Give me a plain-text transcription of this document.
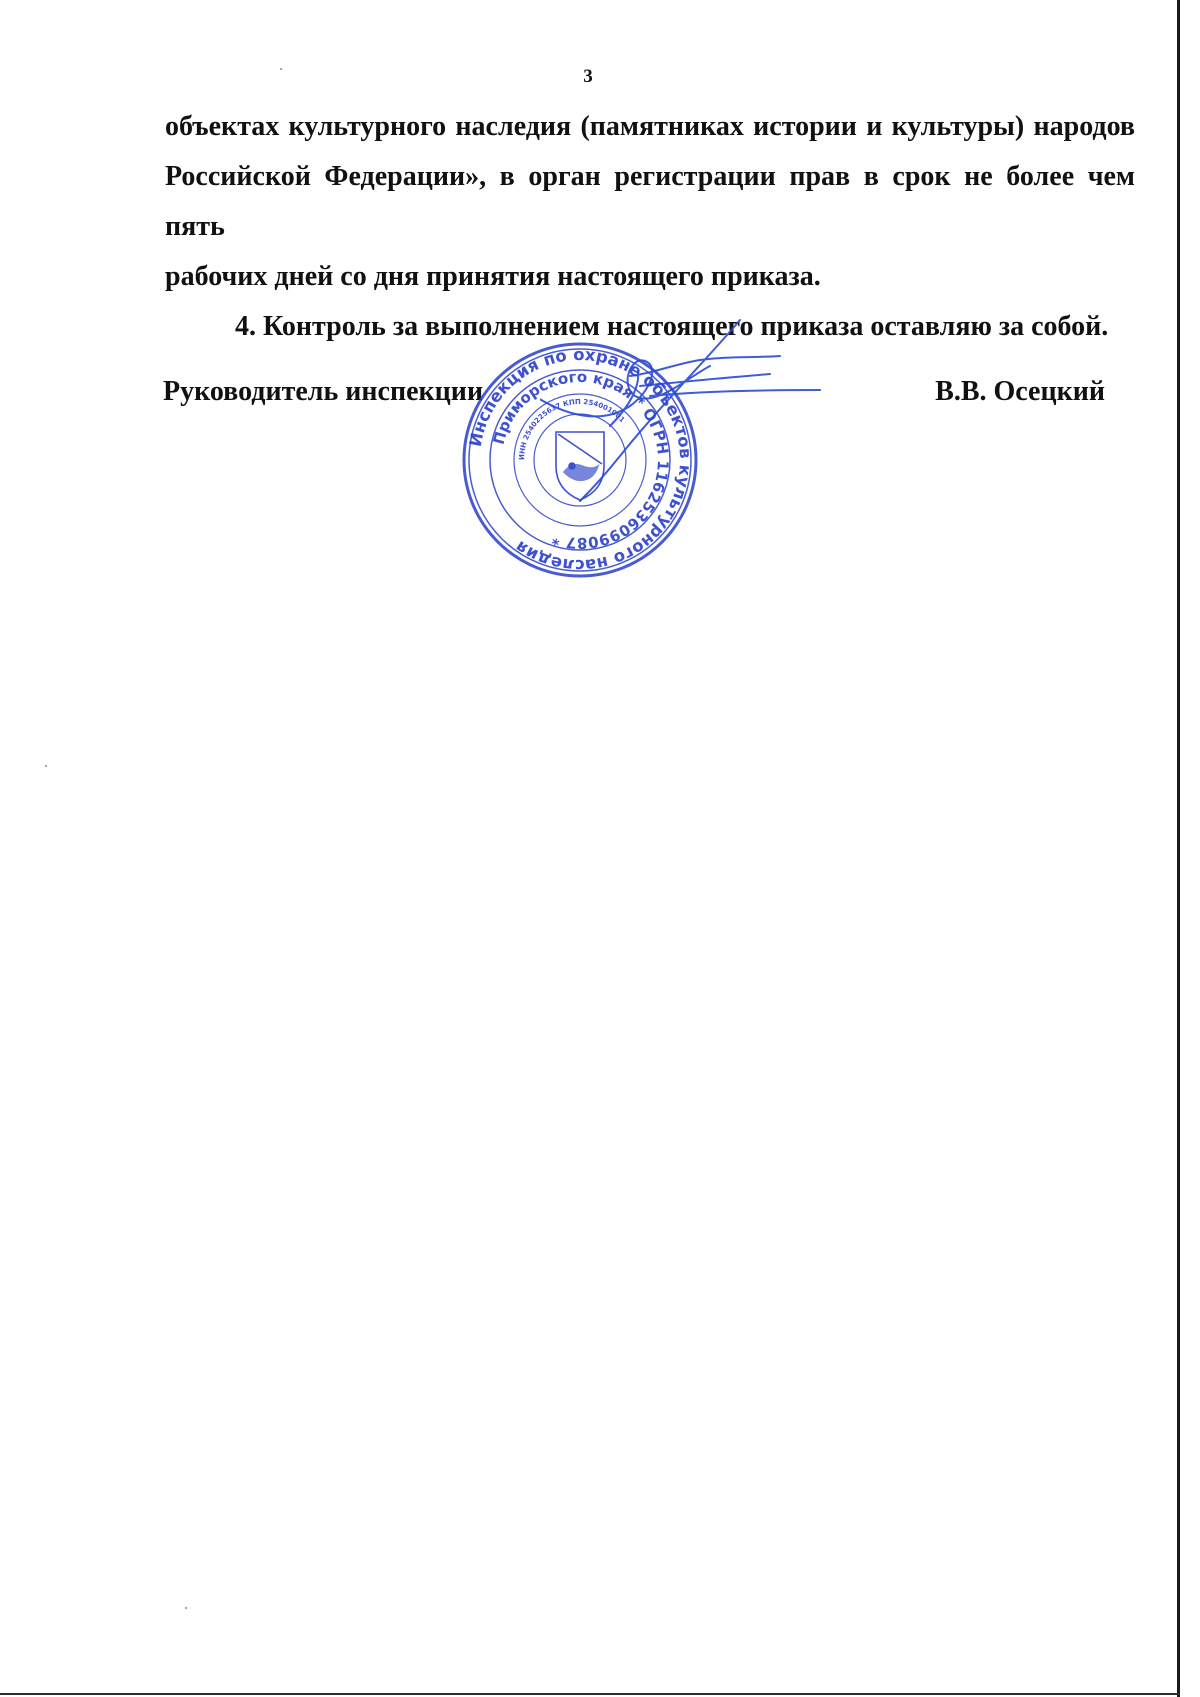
3

объектах культурного наследия (памятниках истории и культуры) народов Российской Федерации», в орган регистрации прав в срок не более чем пять

рабочих дней со дня принятия настоящего приказа.

4. Контроль за выполнением настоящего приказа оставляю за собой.

Руководитель инспекции	В.В. Осецкий
Инспекция по охране объектов культурного наследия
Приморского края * ОГРН 1162536099087 *
ИНН 2540225637 КПП 254001001
